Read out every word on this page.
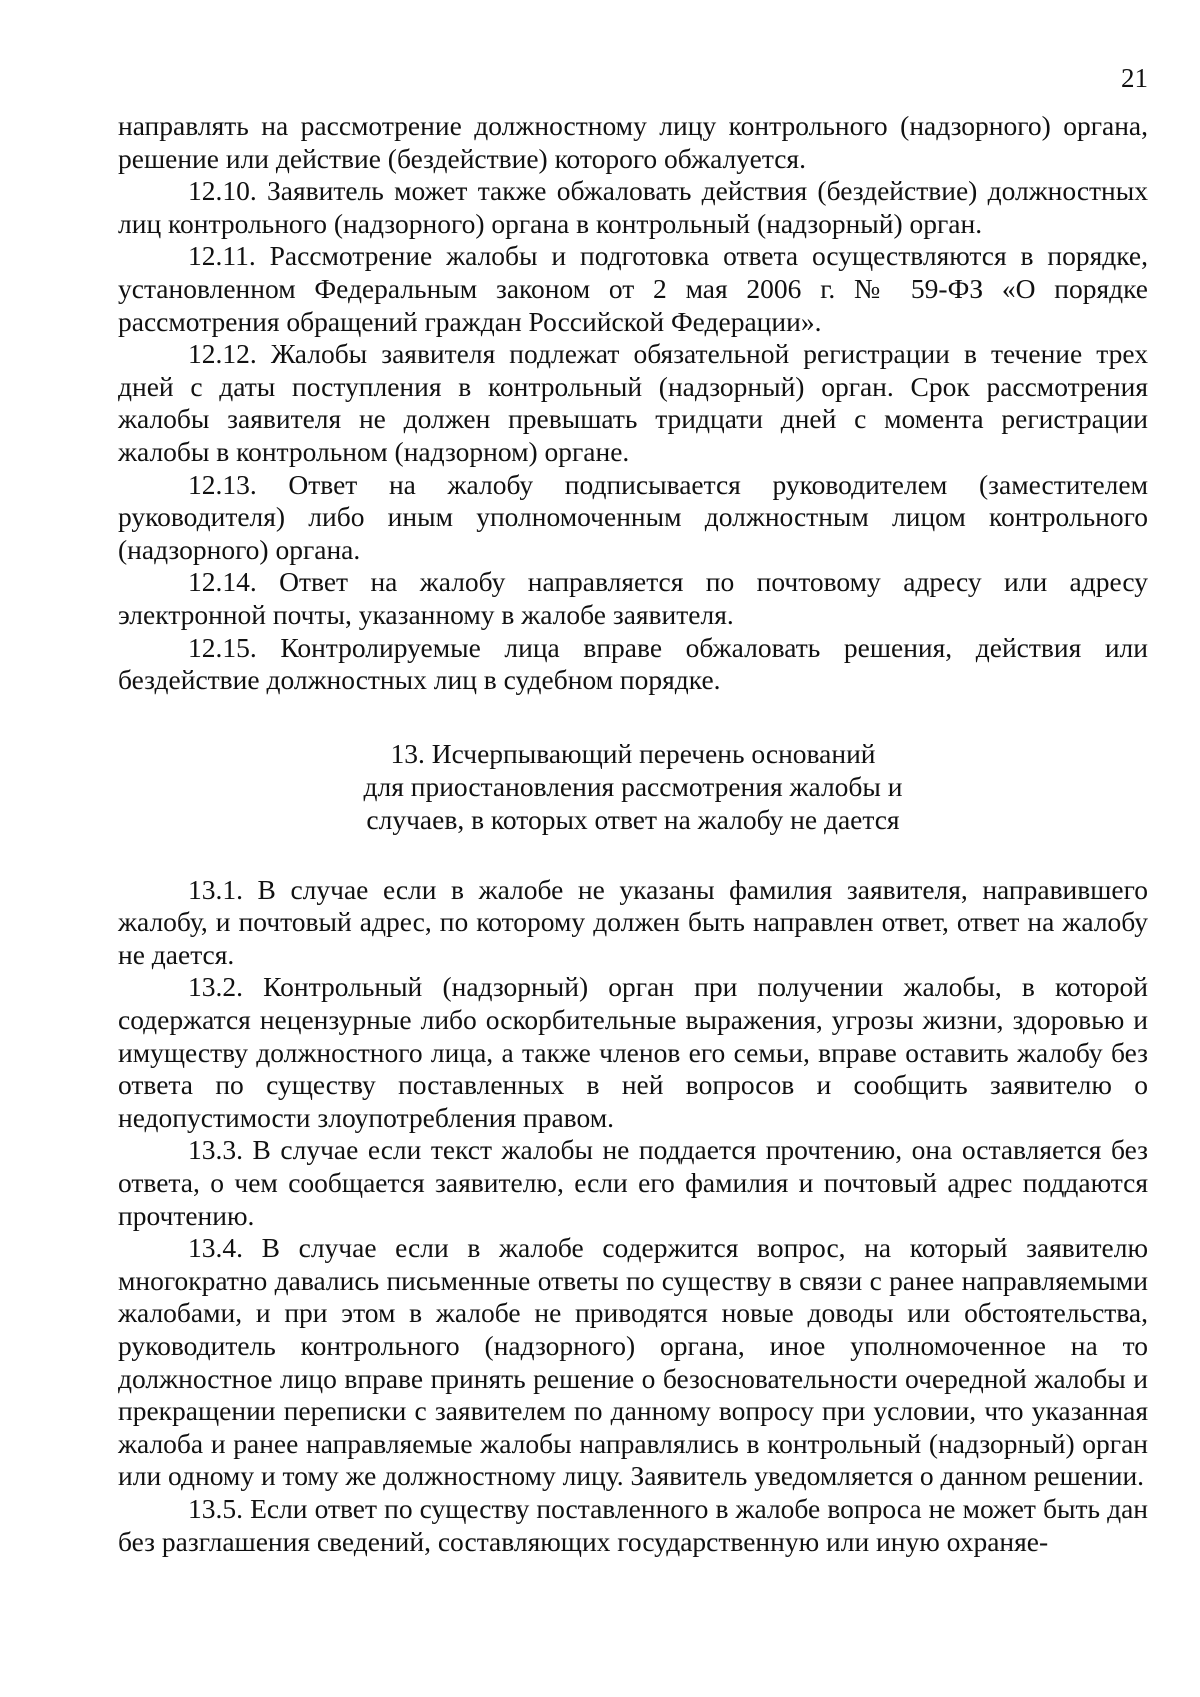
21

направлять на рассмотрение должностному лицу контрольного (надзорного) органа, решение или действие (бездействие) которого обжалуется.

12.10. Заявитель может также обжаловать действия (бездействие) должностных лиц контрольного (надзорного) органа в контрольный (надзорный) орган.

12.11. Рассмотрение жалобы и подготовка ответа осуществляются в порядке, установленном Федеральным законом от 2 мая 2006 г. № 59-ФЗ «О порядке рассмотрения обращений граждан Российской Федерации».

12.12. Жалобы заявителя подлежат обязательной регистрации в течение трех дней с даты поступления в контрольный (надзорный) орган. Срок рассмотрения жалобы заявителя не должен превышать тридцати дней с момента регистрации жалобы в контрольном (надзорном) органе.

12.13. Ответ на жалобу подписывается руководителем (заместителем руководителя) либо иным уполномоченным должностным лицом контрольного (надзорного) органа.

12.14. Ответ на жалобу направляется по почтовому адресу или адресу электронной почты, указанному в жалобе заявителя.

12.15. Контролируемые лица вправе обжаловать решения, действия или бездействие должностных лиц в судебном порядке.

13. Исчерпывающий перечень оснований
для приостановления рассмотрения жалобы и
случаев, в которых ответ на жалобу не дается

13.1. В случае если в жалобе не указаны фамилия заявителя, направившего жалобу, и почтовый адрес, по которому должен быть направлен ответ, ответ на жалобу не дается.

13.2. Контрольный (надзорный) орган при получении жалобы, в которой содержатся нецензурные либо оскорбительные выражения, угрозы жизни, здоровью и имуществу должностного лица, а также членов его семьи, вправе оставить жалобу без ответа по существу поставленных в ней вопросов и сообщить заявителю о недопустимости злоупотребления правом.

13.3. В случае если текст жалобы не поддается прочтению, она оставляется без ответа, о чем сообщается заявителю, если его фамилия и почтовый адрес поддаются прочтению.

13.4. В случае если в жалобе содержится вопрос, на который заявителю многократно давались письменные ответы по существу в связи с ранее направляемыми жалобами, и при этом в жалобе не приводятся новые доводы или обстоятельства, руководитель контрольного (надзорного) органа, иное уполномоченное на то должностное лицо вправе принять решение о безосновательности очередной жалобы и прекращении переписки с заявителем по данному вопросу при условии, что указанная жалоба и ранее направляемые жалобы направлялись в контрольный (надзорный) орган или одному и тому же должностному лицу. Заявитель уведомляется о данном решении.

13.5. Если ответ по существу поставленного в жалобе вопроса не может быть дан без разглашения сведений, составляющих государственную или иную охраняе-
